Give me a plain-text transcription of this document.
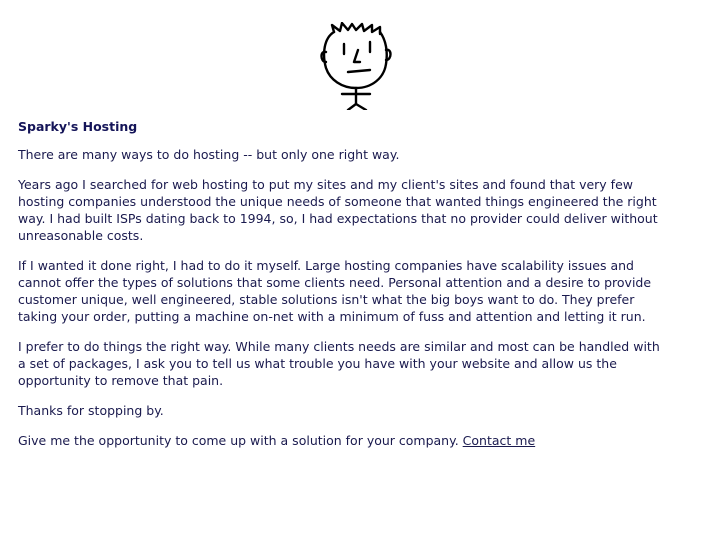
Sparky's Hosting

There are many ways to do hosting -- but only one right way.

Years ago I searched for web hosting to put my sites and my client's sites and found that very few hosting companies understood the unique needs of someone that wanted things engineered the right way. I had built ISPs dating back to 1994, so, I had expectations that no provider could deliver without unreasonable costs.

If I wanted it done right, I had to do it myself. Large hosting companies have scalability issues and cannot offer the types of solutions that some clients need. Personal attention and a desire to provide customer unique, well engineered, stable solutions isn't what the big boys want to do. They prefer taking your order, putting a machine on-net with a minimum of fuss and attention and letting it run.

I prefer to do things the right way. While many clients needs are similar and most can be handled with a set of packages, I ask you to tell us what trouble you have with your website and allow us the opportunity to remove that pain.

Thanks for stopping by.

Give me the opportunity to come up with a solution for your company. Contact me
